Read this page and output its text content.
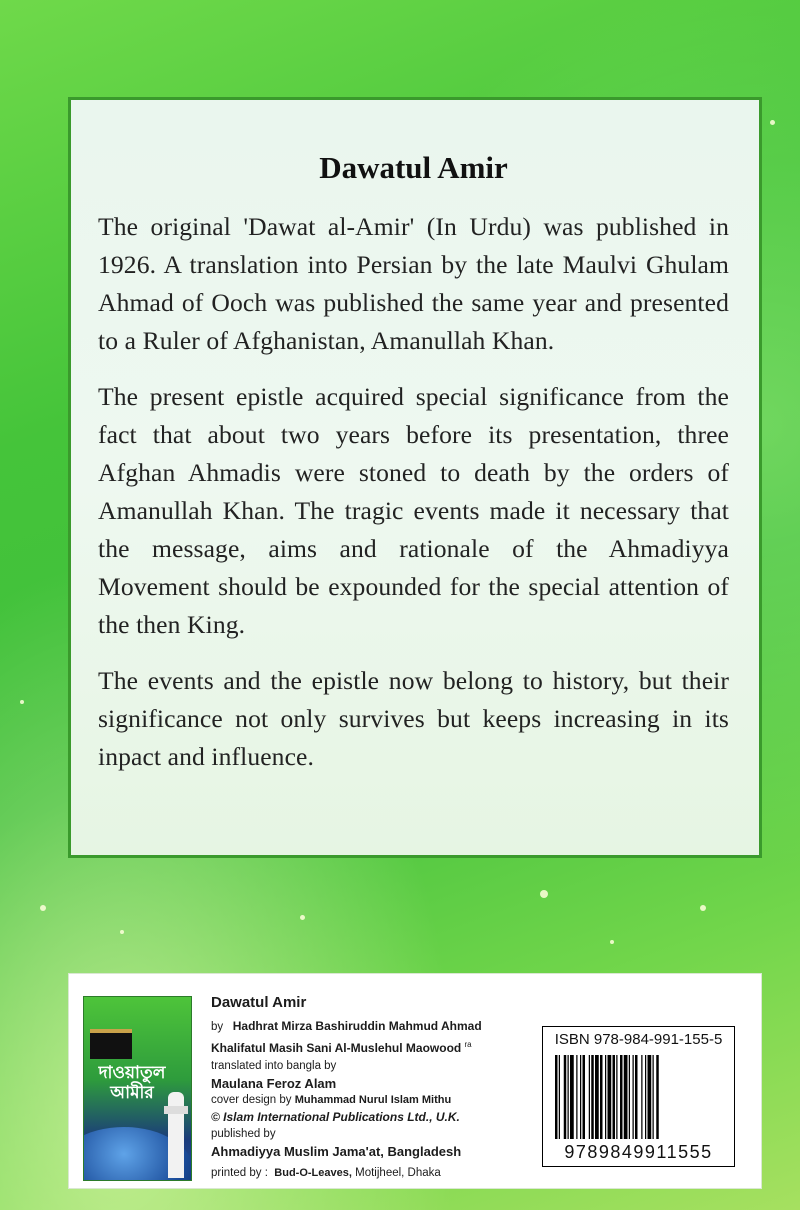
Dawatul Amir

The original 'Dawat al-Amir' (In Urdu) was published in 1926. A translation into Persian by the late Maulvi Ghulam Ahmad of Ooch was published the same year and presented to a Ruler of Afghanistan, Amanullah Khan.

The present epistle acquired special significance from the fact that about two years before its presentation, three Afghan Ahmadis were stoned to death by the orders of Amanullah Khan. The tragic events made it necessary that the message, aims and rationale of the Ahmadiyya Movement should be expounded for the special attention of the then King.

The events and the epistle now belong to history, but their significance not only survives but keeps increasing in its inpact and influence.

দাওয়াতুল আমীর
Dawatul Amir
by Hadhrat Mirza Bashiruddin Mahmud Ahmad
Khalifatul Masih Sani Al-Muslehul Maowood $^{ra}$
translated into bangla by
Maulana Feroz Alam
cover design by Muhammad Nurul Islam Mithu
© Islam International Publications Ltd., U.K.
published by
Ahmadiyya Muslim Jama'at, Bangladesh
printed by : Bud-O-Leaves, Motijheel, Dhaka
ISBN 978-984-991-155-5
9789849911555
